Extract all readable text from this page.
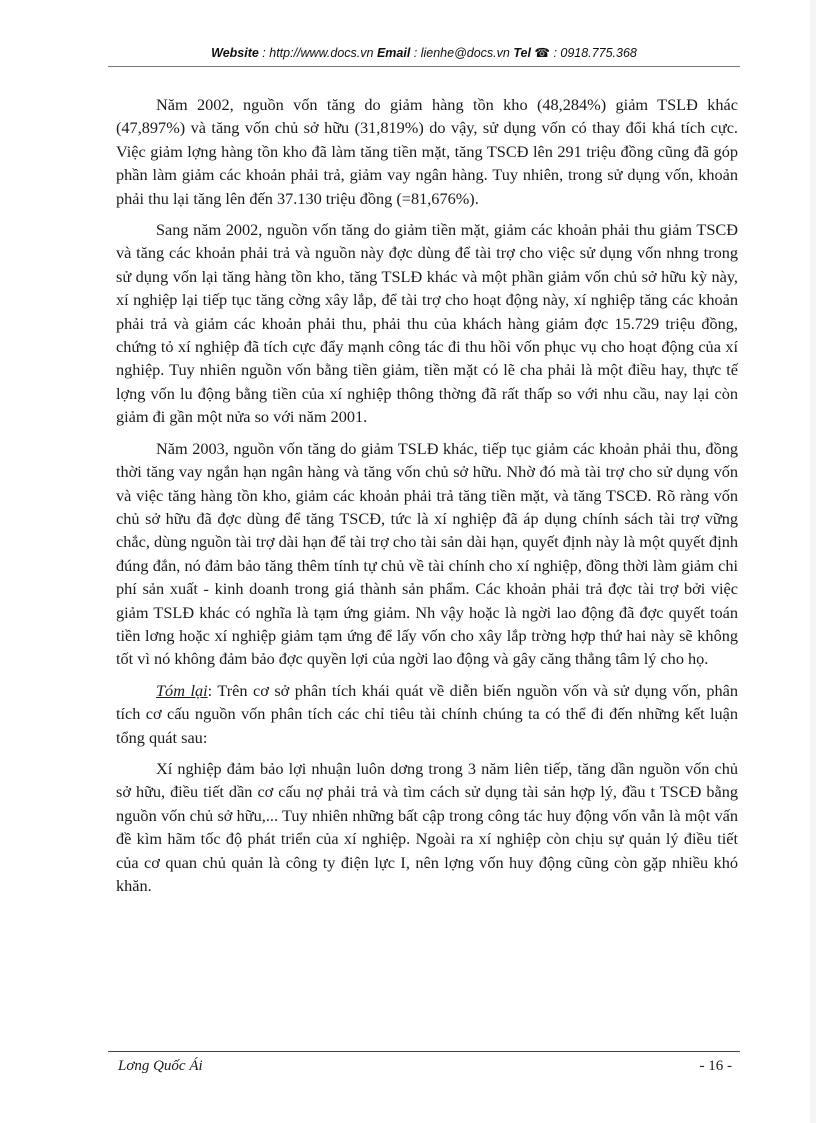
Website : http://www.docs.vn Email : lienhe@docs.vn Tel ☎ : 0918.775.368

Năm 2002, nguồn vốn tăng do giảm hàng tồn kho (48,284%) giảm TSLĐ khác (47,897%) và tăng vốn chủ sở hữu (31,819%) do vậy, sử dụng vốn có thay đổi khá tích cực. Việc giảm lợng hàng tồn kho đã làm tăng tiền mặt, tăng TSCĐ lên 291 triệu đồng cũng đã góp phần làm giảm các khoản phải trả, giảm vay ngân hàng. Tuy nhiên, trong sử dụng vốn, khoản phải thu lại tăng lên đến 37.130 triệu đồng (=81,676%).

Sang năm 2002, nguồn vốn tăng do giảm tiền mặt, giảm các khoản phải thu giảm TSCĐ và tăng các khoản phải trả và nguồn này đợc dùng để tài trợ cho việc sử dụng vốn nhng trong sử dụng vốn lại tăng hàng tồn kho, tăng TSLĐ khác và một phần giảm vốn chủ sở hữu kỳ này, xí nghiệp lại tiếp tục tăng cờng xây lắp, để tài trợ cho hoạt động này, xí nghiệp tăng các khoản phải trả và giảm các khoản phải thu, phải thu của khách hàng giảm đợc 15.729 triệu đồng, chứng tỏ xí nghiệp đã tích cực đẩy mạnh công tác đi thu hồi vốn phục vụ cho hoạt động của xí nghiệp. Tuy nhiên nguồn vốn bằng tiền giảm, tiền mặt có lẽ cha phải là một điều hay, thực tế lợng vốn lu động bằng tiền của xí nghiệp thông thờng đã rất thấp so với nhu cầu, nay lại còn giảm đi gần một nửa so với năm 2001.

Năm 2003, nguồn vốn tăng do giảm TSLĐ khác, tiếp tục giảm các khoản phải thu, đồng thời tăng vay ngắn hạn ngân hàng và tăng vốn chủ sở hữu. Nhờ đó mà tài trợ cho sử dụng vốn và việc tăng hàng tồn kho, giảm các khoản phải trả tăng tiền mặt, và tăng TSCĐ. Rõ ràng vốn chủ sở hữu đã đợc dùng để tăng TSCĐ, tức là xí nghiệp đã áp dụng chính sách tài trợ vững chắc, dùng nguồn tài trợ dài hạn để tài trợ cho tài sản dài hạn, quyết định này là một quyết định đúng đắn, nó đảm bảo tăng thêm tính tự chủ về tài chính cho xí nghiệp, đồng thời làm giảm chi phí sản xuất - kinh doanh trong giá thành sản phẩm. Các khoản phải trả đợc tài trợ bởi việc giảm TSLĐ khác có nghĩa là tạm ứng giảm. Nh vậy hoặc là ngời lao động đã đợc quyết toán tiền lơng hoặc xí nghiệp giảm tạm ứng để lấy vốn cho xây lắp trờng hợp thứ hai này sẽ không tốt vì nó không đảm bảo đợc quyền lợi của ngời lao động và gây căng thẳng tâm lý cho họ.

Tóm lại: Trên cơ sở phân tích khái quát về diễn biến nguồn vốn và sử dụng vốn, phân tích cơ cấu nguồn vốn phân tích các chỉ tiêu tài chính chúng ta có thể đi đến những kết luận tổng quát sau:

Xí nghiệp đảm bảo lợi nhuận luôn dơng trong 3 năm liên tiếp, tăng dần nguồn vốn chủ sở hữu, điều tiết dần cơ cấu nợ phải trả và tìm cách sử dụng tài sản hợp lý, đầu t TSCĐ bằng nguồn vốn chủ sở hữu,... Tuy nhiên những bất cập trong công tác huy động vốn vẫn là một vấn đề kìm hãm tốc độ phát triển của xí nghiệp. Ngoài ra xí nghiệp còn chịu sự quản lý điều tiết của cơ quan chủ quản là công ty điện lực I, nên lợng vốn huy động cũng còn gặp nhiều khó khăn.

Lơng Quốc Ái	- 16 -
